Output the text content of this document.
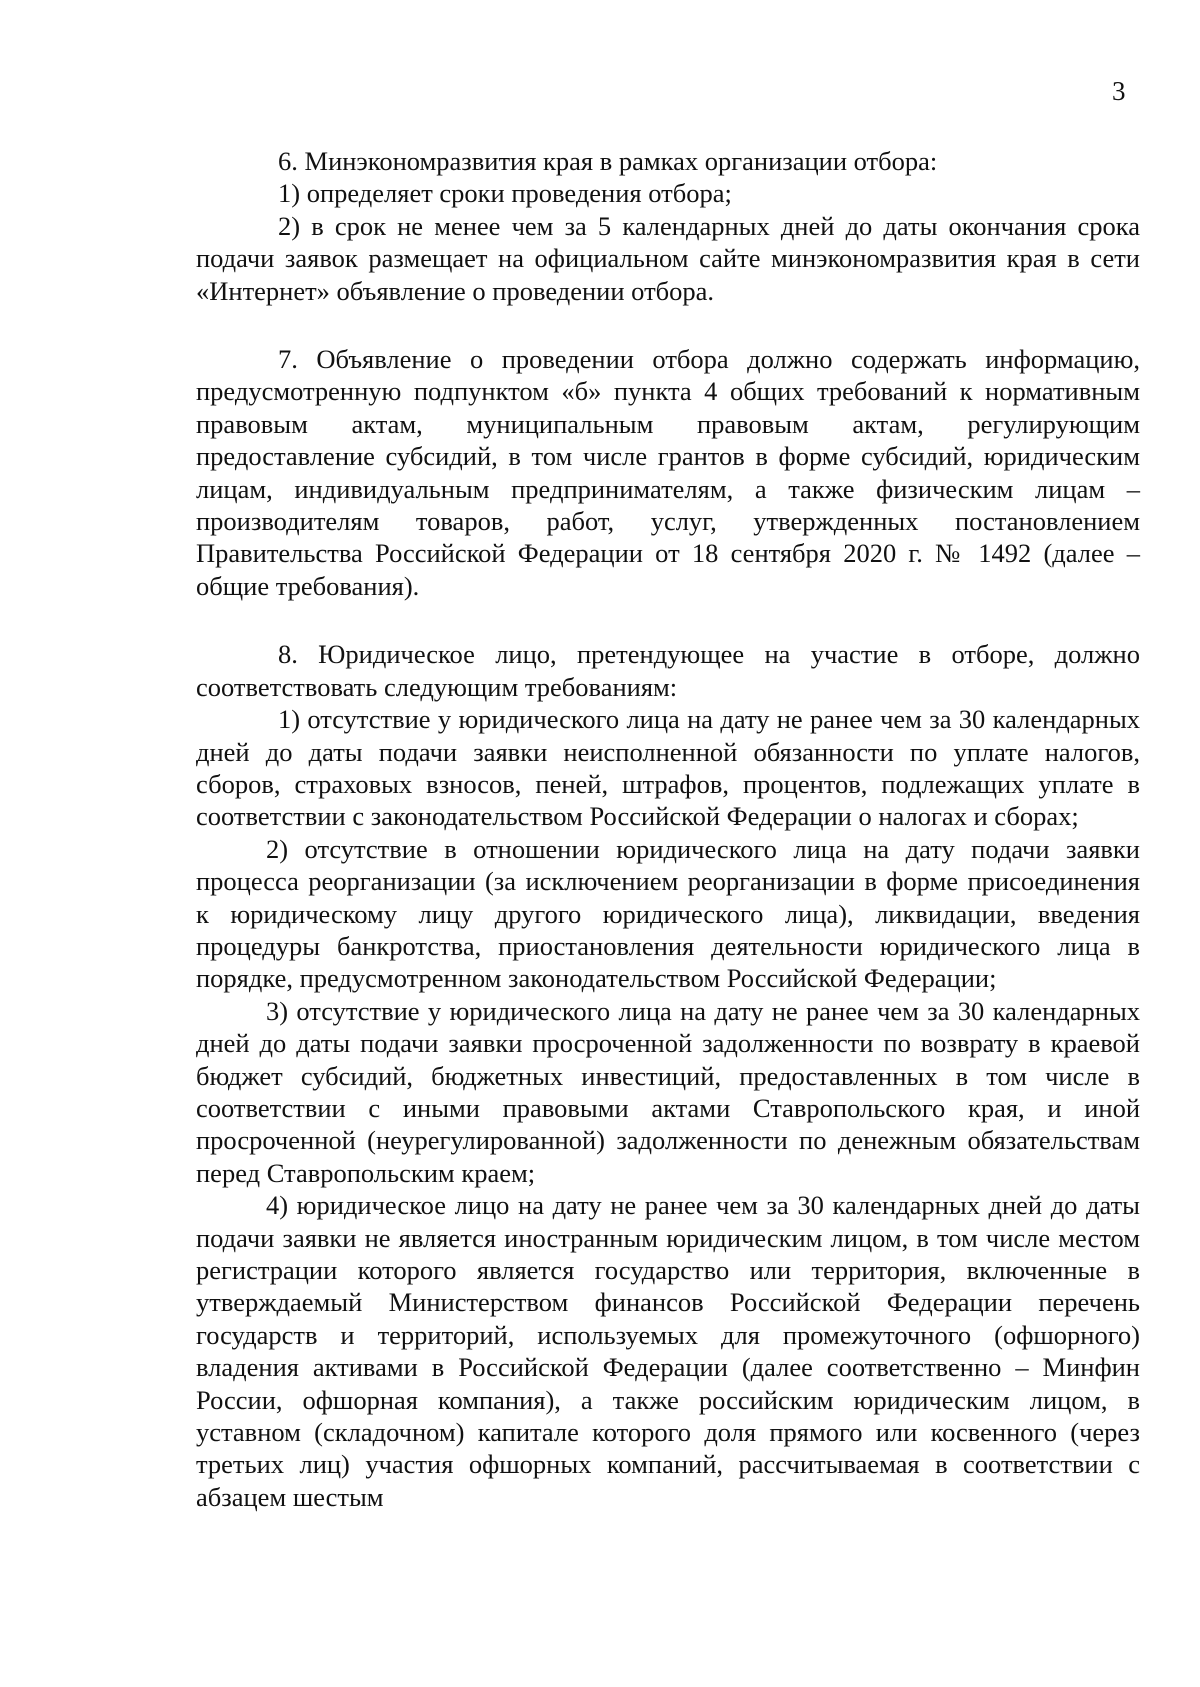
3

6. Минэкономразвития края в рамках организации отбора:

1) определяет сроки проведения отбора;

2) в срок не менее чем за 5 календарных дней до даты окончания срока подачи заявок размещает на официальном сайте минэкономразвития края в сети «Интернет» объявление о проведении отбора.

7. Объявление о проведении отбора должно содержать информацию, предусмотренную подпунктом «б» пункта 4 общих требований к нормативным правовым актам, муниципальным правовым актам, регулирующим предоставление субсидий, в том числе грантов в форме субсидий, юридическим лицам, индивидуальным предпринимателям, а также физическим лицам – производителям товаров, работ, услуг, утвержденных постановлением Правительства Российской Федерации от 18 сентября 2020 г. № 1492 (далее – общие требования).

8. Юридическое лицо, претендующее на участие в отборе, должно соответствовать следующим требованиям:

1) отсутствие у юридического лица на дату не ранее чем за 30 календарных дней до даты подачи заявки неисполненной обязанности по уплате налогов, сборов, страховых взносов, пеней, штрафов, процентов, подлежащих уплате в соответствии с законодательством Российской Федерации о налогах и сборах;

2) отсутствие в отношении юридического лица на дату подачи заявки процесса реорганизации (за исключением реорганизации в форме присоединения к юридическому лицу другого юридического лица), ликвидации, введения процедуры банкротства, приостановления деятельности юридического лица в порядке, предусмотренном законодательством Российской Федерации;

3) отсутствие у юридического лица на дату не ранее чем за 30 календарных дней до даты подачи заявки просроченной задолженности по возврату в краевой бюджет субсидий, бюджетных инвестиций, предоставленных в том числе в соответствии с иными правовыми актами Ставропольского края, и иной просроченной (неурегулированной) задолженности по денежным обязательствам перед Ставропольским краем;

4) юридическое лицо на дату не ранее чем за 30 календарных дней до даты подачи заявки не является иностранным юридическим лицом, в том числе местом регистрации которого является государство или территория, включенные в утверждаемый Министерством финансов Российской Федерации перечень государств и территорий, используемых для промежуточного (офшорного) владения активами в Российской Федерации (далее соответственно – Минфин России, офшорная компания), а также российским юридическим лицом, в уставном (складочном) капитале которого доля прямого или косвенного (через третьих лиц) участия офшорных компаний, рассчитываемая в соответствии с абзацем шестым
